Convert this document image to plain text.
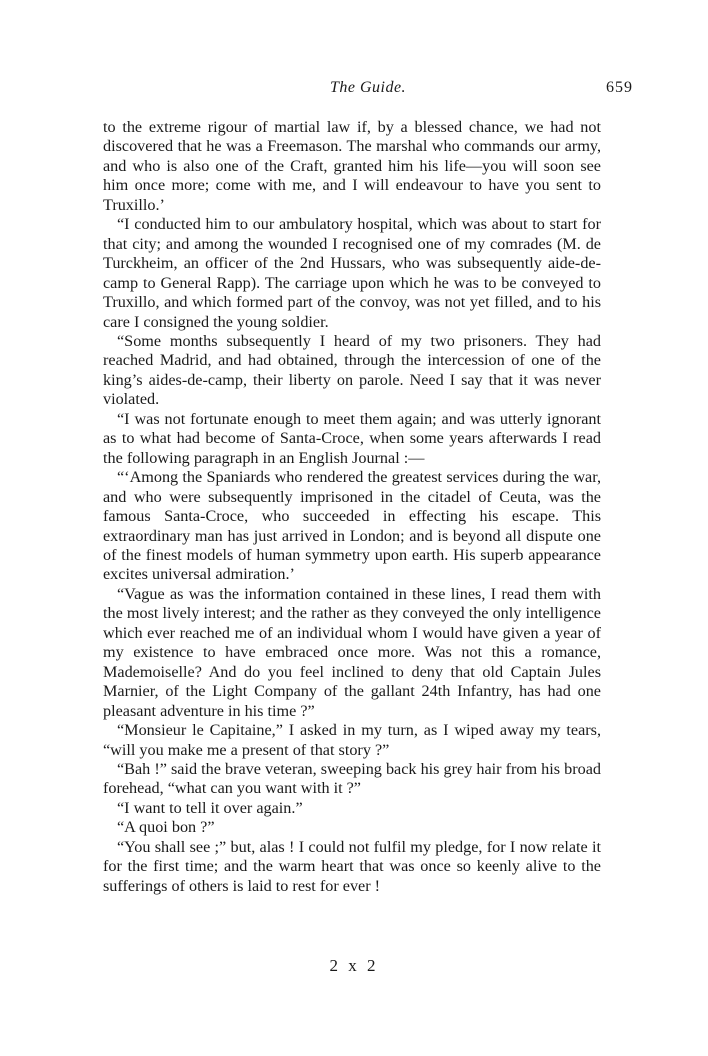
The Guide.	659

to the extreme rigour of martial law if, by a blessed chance, we had not discovered that he was a Freemason. The marshal who commands our army, and who is also one of the Craft, granted him his life—you will soon see him once more; come with me, and I will endeavour to have you sent to Truxillo.’

“I conducted him to our ambulatory hospital, which was about to start for that city; and among the wounded I recognised one of my comrades (M. de Turckheim, an officer of the 2nd Hussars, who was subsequently aide-de-camp to General Rapp). The carriage upon which he was to be conveyed to Truxillo, and which formed part of the convoy, was not yet filled, and to his care I consigned the young soldier.

“Some months subsequently I heard of my two prisoners. They had reached Madrid, and had obtained, through the intercession of one of the king’s aides-de-camp, their liberty on parole. Need I say that it was never violated.

“I was not fortunate enough to meet them again; and was utterly ignorant as to what had become of Santa-Croce, when some years afterwards I read the following paragraph in an English Journal :—

“‘Among the Spaniards who rendered the greatest services during the war, and who were subsequently imprisoned in the citadel of Ceuta, was the famous Santa-Croce, who succeeded in effecting his escape. This extraordinary man has just arrived in London; and is beyond all dispute one of the finest models of human symmetry upon earth. His superb appearance excites universal admiration.’

“Vague as was the information contained in these lines, I read them with the most lively interest; and the rather as they conveyed the only intelligence which ever reached me of an individual whom I would have given a year of my existence to have embraced once more. Was not this a romance, Mademoiselle? And do you feel inclined to deny that old Captain Jules Marnier, of the Light Company of the gallant 24th Infantry, has had one pleasant adventure in his time ?”

“Monsieur le Capitaine,” I asked in my turn, as I wiped away my tears, “will you make me a present of that story ?”

“Bah !” said the brave veteran, sweeping back his grey hair from his broad forehead, “what can you want with it ?”

“I want to tell it over again.”

“A quoi bon ?”

“You shall see ;” but, alas ! I could not fulfil my pledge, for I now relate it for the first time; and the warm heart that was once so keenly alive to the sufferings of others is laid to rest for ever !

2 x 2
